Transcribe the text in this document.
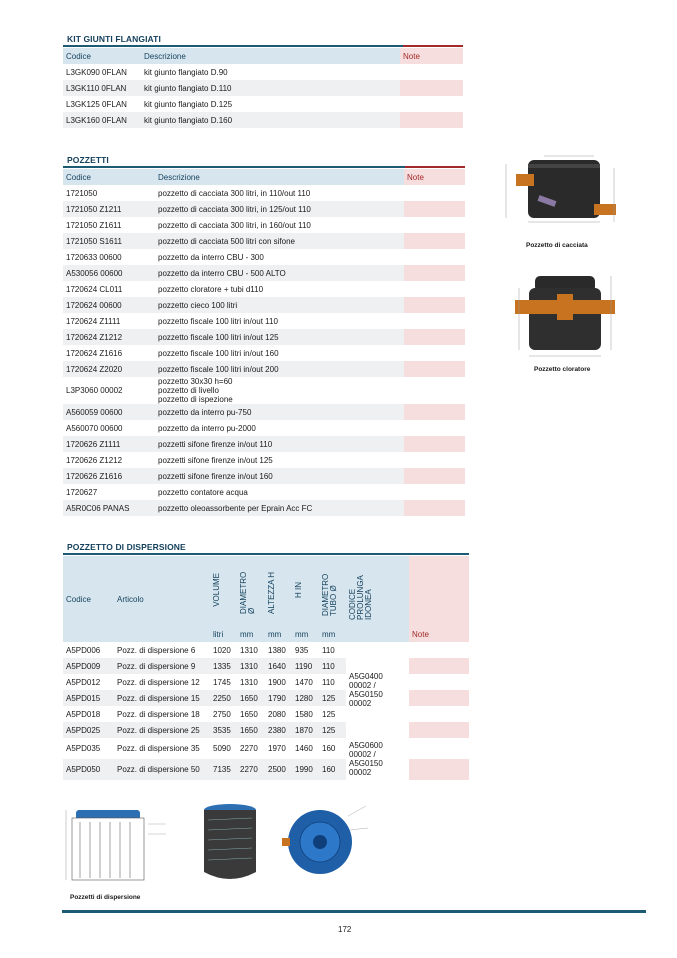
KIT GIUNTI FLANGIATI
Codice	Descrizione	Note
L3GK090 0FLAN	kit giunto flangiato D.90	
L3GK110 0FLAN	kit giunto flangiato D.110	
L3GK125 0FLAN	kit giunto flangiato D.125	
L3GK160 0FLAN	kit giunto flangiato D.160	
POZZETTI
Codice	Descrizione	Note
1721050	pozzetto di cacciata 300 litri, in 110/out 110	
1721050 Z1211	pozzetto di cacciata 300 litri, in 125/out 110	
1721050 Z1611	pozzetto di cacciata 300 litri, in 160/out 110	
1721050 S1611	pozzetto di cacciata 500 litri con sifone	
1720633 00600	pozzetto da interro CBU - 300	
A530056 00600	pozzetto da interro CBU - 500 ALTO	
1720624 CL011	pozzetto cloratore + tubi d110	
1720624 00600	pozzetto cieco 100 litri	
1720624 Z1111	pozzetto fiscale 100 litri in/out 110	
1720624 Z1212	pozzetto fiscale 100 litri in/out 125	
1720624 Z1616	pozzetto fiscale 100 litri in/out 160	
1720624 Z2020	pozzetto fiscale 100 litri in/out 200	
L3P3060 00002	pozzetto 30x30 h=60
pozzetto di livello
pozzetto di ispezione	

A560059 00600	pozzetto da interro pu-750	
A560070 00600	pozzetto da interro pu-2000	
1720626 Z1111	pozzetti sifone firenze in/out 110	
1720626 Z1212	pozzetti sifone firenze in/out 125	
1720626 Z1616	pozzetti sifone firenze in/out 160	
1720627	pozzetto contatore acqua	
A5R0C06 PANAS	pozzetto oleoassorbente per Eprain Acc FC	
Pozzetto di cacciata
Pozzetto cloratore
POZZETTO DI DISPERSIONE
Codice	Articolo	VOLUME	DIAMETRO Ø	ALTEZZA H	H IN	DIAMETRO TUBO Ø	CODICE PROLUNGA IDONEA	Note
		litri	mm	mm	mm	mm		
A5PD006	Pozz. di dispersione 6	1020	1310	1380	935	110	A5G0400 00002 / A5G0150 00002	
A5PD009	Pozz. di dispersione 9	1335	1310	1640	1190	110		
A5PD012	Pozz. di dispersione 12	1745	1310	1900	1470	110		
A5PD015	Pozz. di dispersione 15	2250	1650	1790	1280	125		
A5PD018	Pozz. di dispersione 18	2750	1650	2080	1580	125		
A5PD025	Pozz. di dispersione 25	3535	1650	2380	1870	125		
A5PD035	Pozz. di dispersione 35	5090	2270	1970	1460	160	A5G0600 00002 / A5G0150 00002	
A5PD050	Pozz. di dispersione 50	7135	2270	2500	1990	160		
Pozzetti di dispersione
172
